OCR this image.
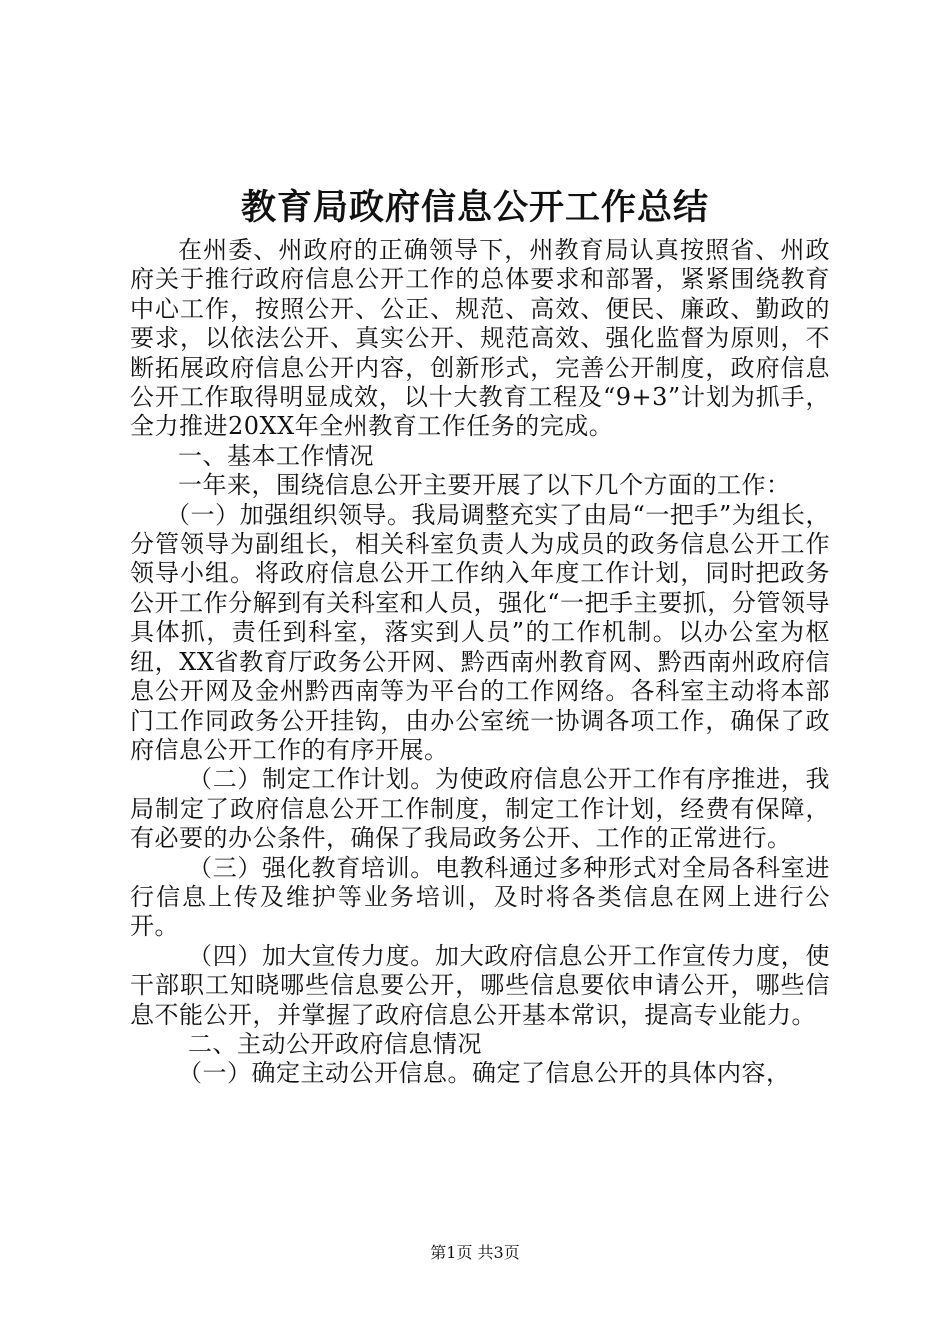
教育局政府信息公开工作总结

在州委、州政府的正确领导下，州教育局认真按照省、州政府关于推行政府信息公开工作的总体要求和部署，紧紧围绕教育中心工作，按照公开、公正、规范、高效、便民、廉政、勤政的要求，以依法公开、真实公开、规范高效、强化监督为原则，不断拓展政府信息公开内容，创新形式，完善公开制度，政府信息公开工作取得明显成效，以十大教育工程及“9+3”计划为抓手，全力推进20XX年全州教育工作任务的完成。

一、基本工作情况

一年来，围绕信息公开主要开展了以下几个方面的工作：

（一）加强组织领导。我局调整充实了由局“一把手”为组长，分管领导为副组长，相关科室负责人为成员的政务信息公开工作领导小组。将政府信息公开工作纳入年度工作计划，同时把政务公开工作分解到有关科室和人员，强化“一把手主要抓，分管领导具体抓，责任到科室，落实到人员”的工作机制。以办公室为枢纽，XX省教育厅政务公开网、黔西南州教育网、黔西南州政府信息公开网及金州黔西南等为平台的工作网络。各科室主动将本部门工作同政务公开挂钩，由办公室统一协调各项工作，确保了政府信息公开工作的有序开展。

（二）制定工作计划。为使政府信息公开工作有序推进，我局制定了政府信息公开工作制度，制定工作计划，经费有保障，有必要的办公条件，确保了我局政务公开、工作的正常进行。

（三）强化教育培训。电教科通过多种形式对全局各科室进行信息上传及维护等业务培训，及时将各类信息在网上进行公开。

（四）加大宣传力度。加大政府信息公开工作宣传力度，使干部职工知晓哪些信息要公开，哪些信息要依申请公开，哪些信息不能公开，并掌握了政府信息公开基本常识，提高专业能力。

二、主动公开政府信息情况

（一）确定主动公开信息。确定了信息公开的具体内容，

第1页 共3页
